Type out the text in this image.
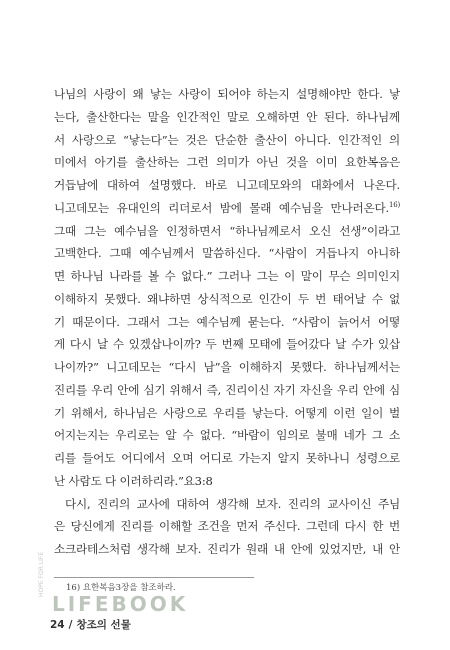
나님의 사랑이 왜 낳는 사랑이 되어야 하는지 설명해야만 한다. 낳
는다, 출산한다는 말을 인간적인 말로 오해하면 안 된다. 하나님께
서 사랑으로 “낳는다”는 것은 단순한 출산이 아니다. 인간적인 의
미에서 아기를 출산하는 그런 의미가 아닌 것을 이미 요한복음은
거듭남에 대하여 설명했다. 바로 니고데모와의 대화에서 나온다.
니고데모는 유대인의 리더로서 밤에 몰래 예수님을 만나러온다.$^{16)}$
그때 그는 예수님을 인정하면서 “하나님께로서 오신 선생”이라고
고백한다. 그때 예수님께서 말씀하신다. “사람이 거듭나지 아니하
면 하나님 나라를 볼 수 없다.” 그러나 그는 이 말이 무슨 의미인지
이해하지 못했다. 왜냐하면 상식적으로 인간이 두 번 태어날 수 없
기 때문이다. 그래서 그는 예수님께 묻는다. “사람이 늙어서 어떻
게 다시 날 수 있겠삽나이까? 두 번째 모태에 들어갔다 날 수가 있삽
나이까?” 니고데모는 “다시 남”을 이해하지 못했다. 하나님께서는
진리를 우리 안에 심기 위해서 즉, 진리이신 자기 자신을 우리 안에 심
기 위해서, 하나님은 사랑으로 우리를 낳는다. 어떻게 이런 일이 벌
어지는지는 우리로는 알 수 없다. “바람이 임의로 불매 네가 그 소
리를 들어도 어디에서 오며 어디로 가는지 알지 못하나니 성령으로
난 사람도 다 이러하리라.”요3:8
다시, 진리의 교사에 대하여 생각해 보자. 진리의 교사이신 주님
은 당신에게 진리를 이해할 조건을 먼저 주신다. 그런데 다시 한 번
소크라테스처럼 생각해 보자. 진리가 원래 내 안에 있었지만, 내 안
16) 요한복음3장을 참조하라.
HOPE FOR LIFE
LIFEBOOK
24 / 창조의 선물
